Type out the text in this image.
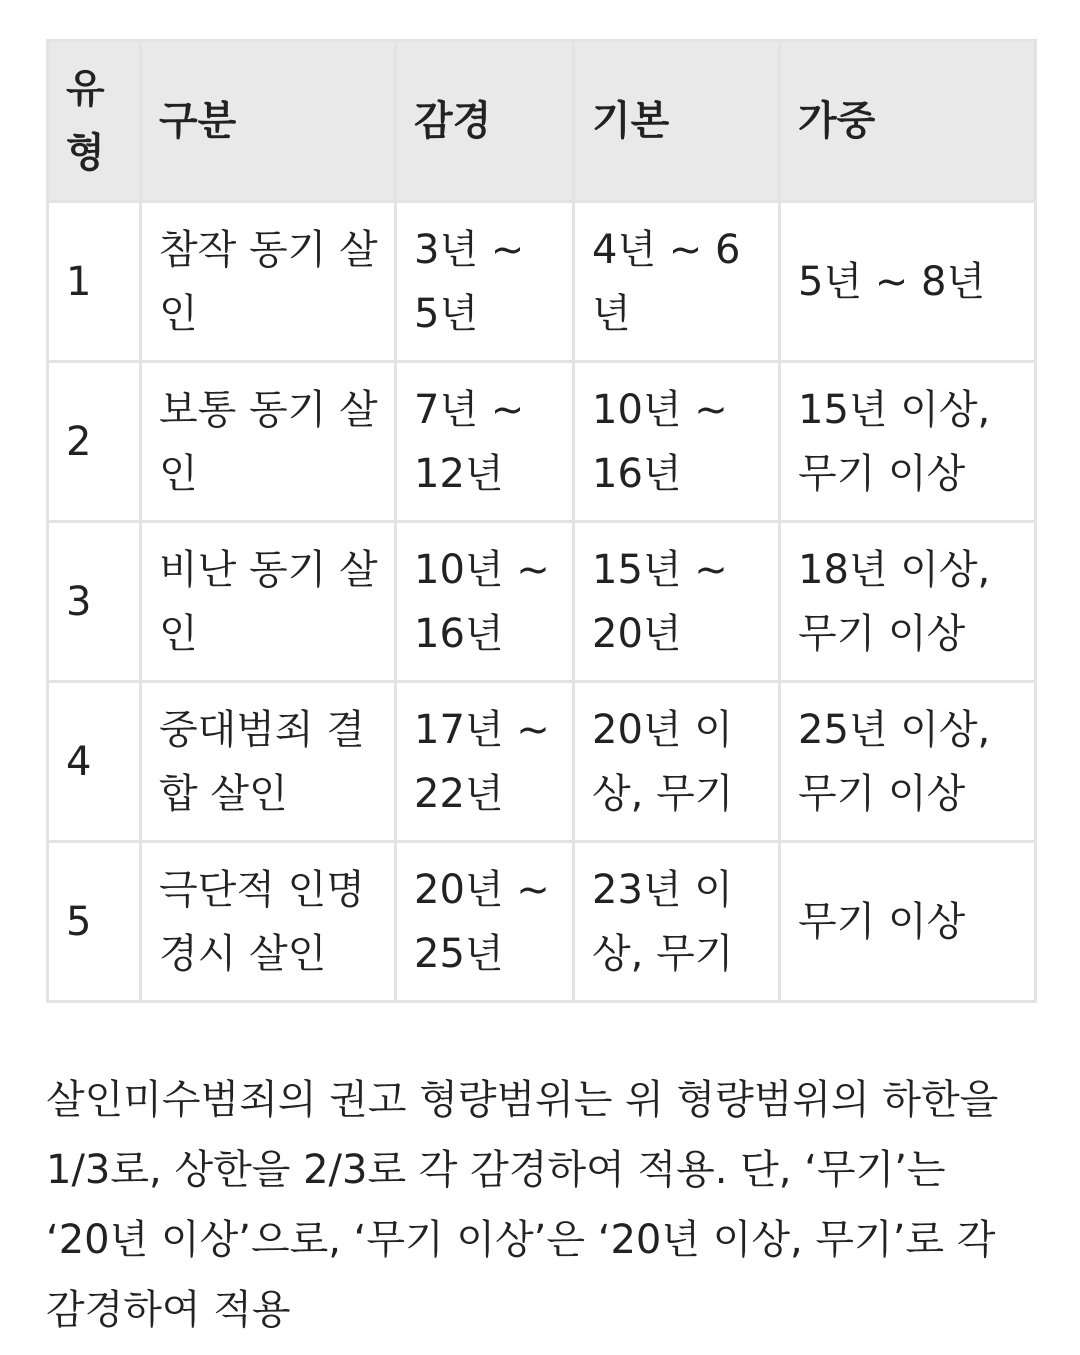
유형	구분	감경	기본	가중
1	참작 동기 살인	3년 ~ 5년	4년 ~ 6년	5년 ~ 8년
2	보통 동기 살인	7년 ~ 12년	10년 ~ 16년	15년 이상, 무기 이상
3	비난 동기 살인	10년 ~ 16년	15년 ~ 20년	18년 이상, 무기 이상
4	중대범죄 결합 살인	17년 ~ 22년	20년 이상, 무기	25년 이상, 무기 이상
5	극단적 인명경시 살인	20년 ~ 25년	23년 이상, 무기	무기 이상

살인미수범죄의 권고 형량범위는 위 형량범위의 하한을 1/3로, 상한을 2/3로 각 감경하여 적용. 단, ‘무기’는 ‘20년 이상’으로, ‘무기 이상’은 ‘20년 이상, 무기’로 각 감경하여 적용
